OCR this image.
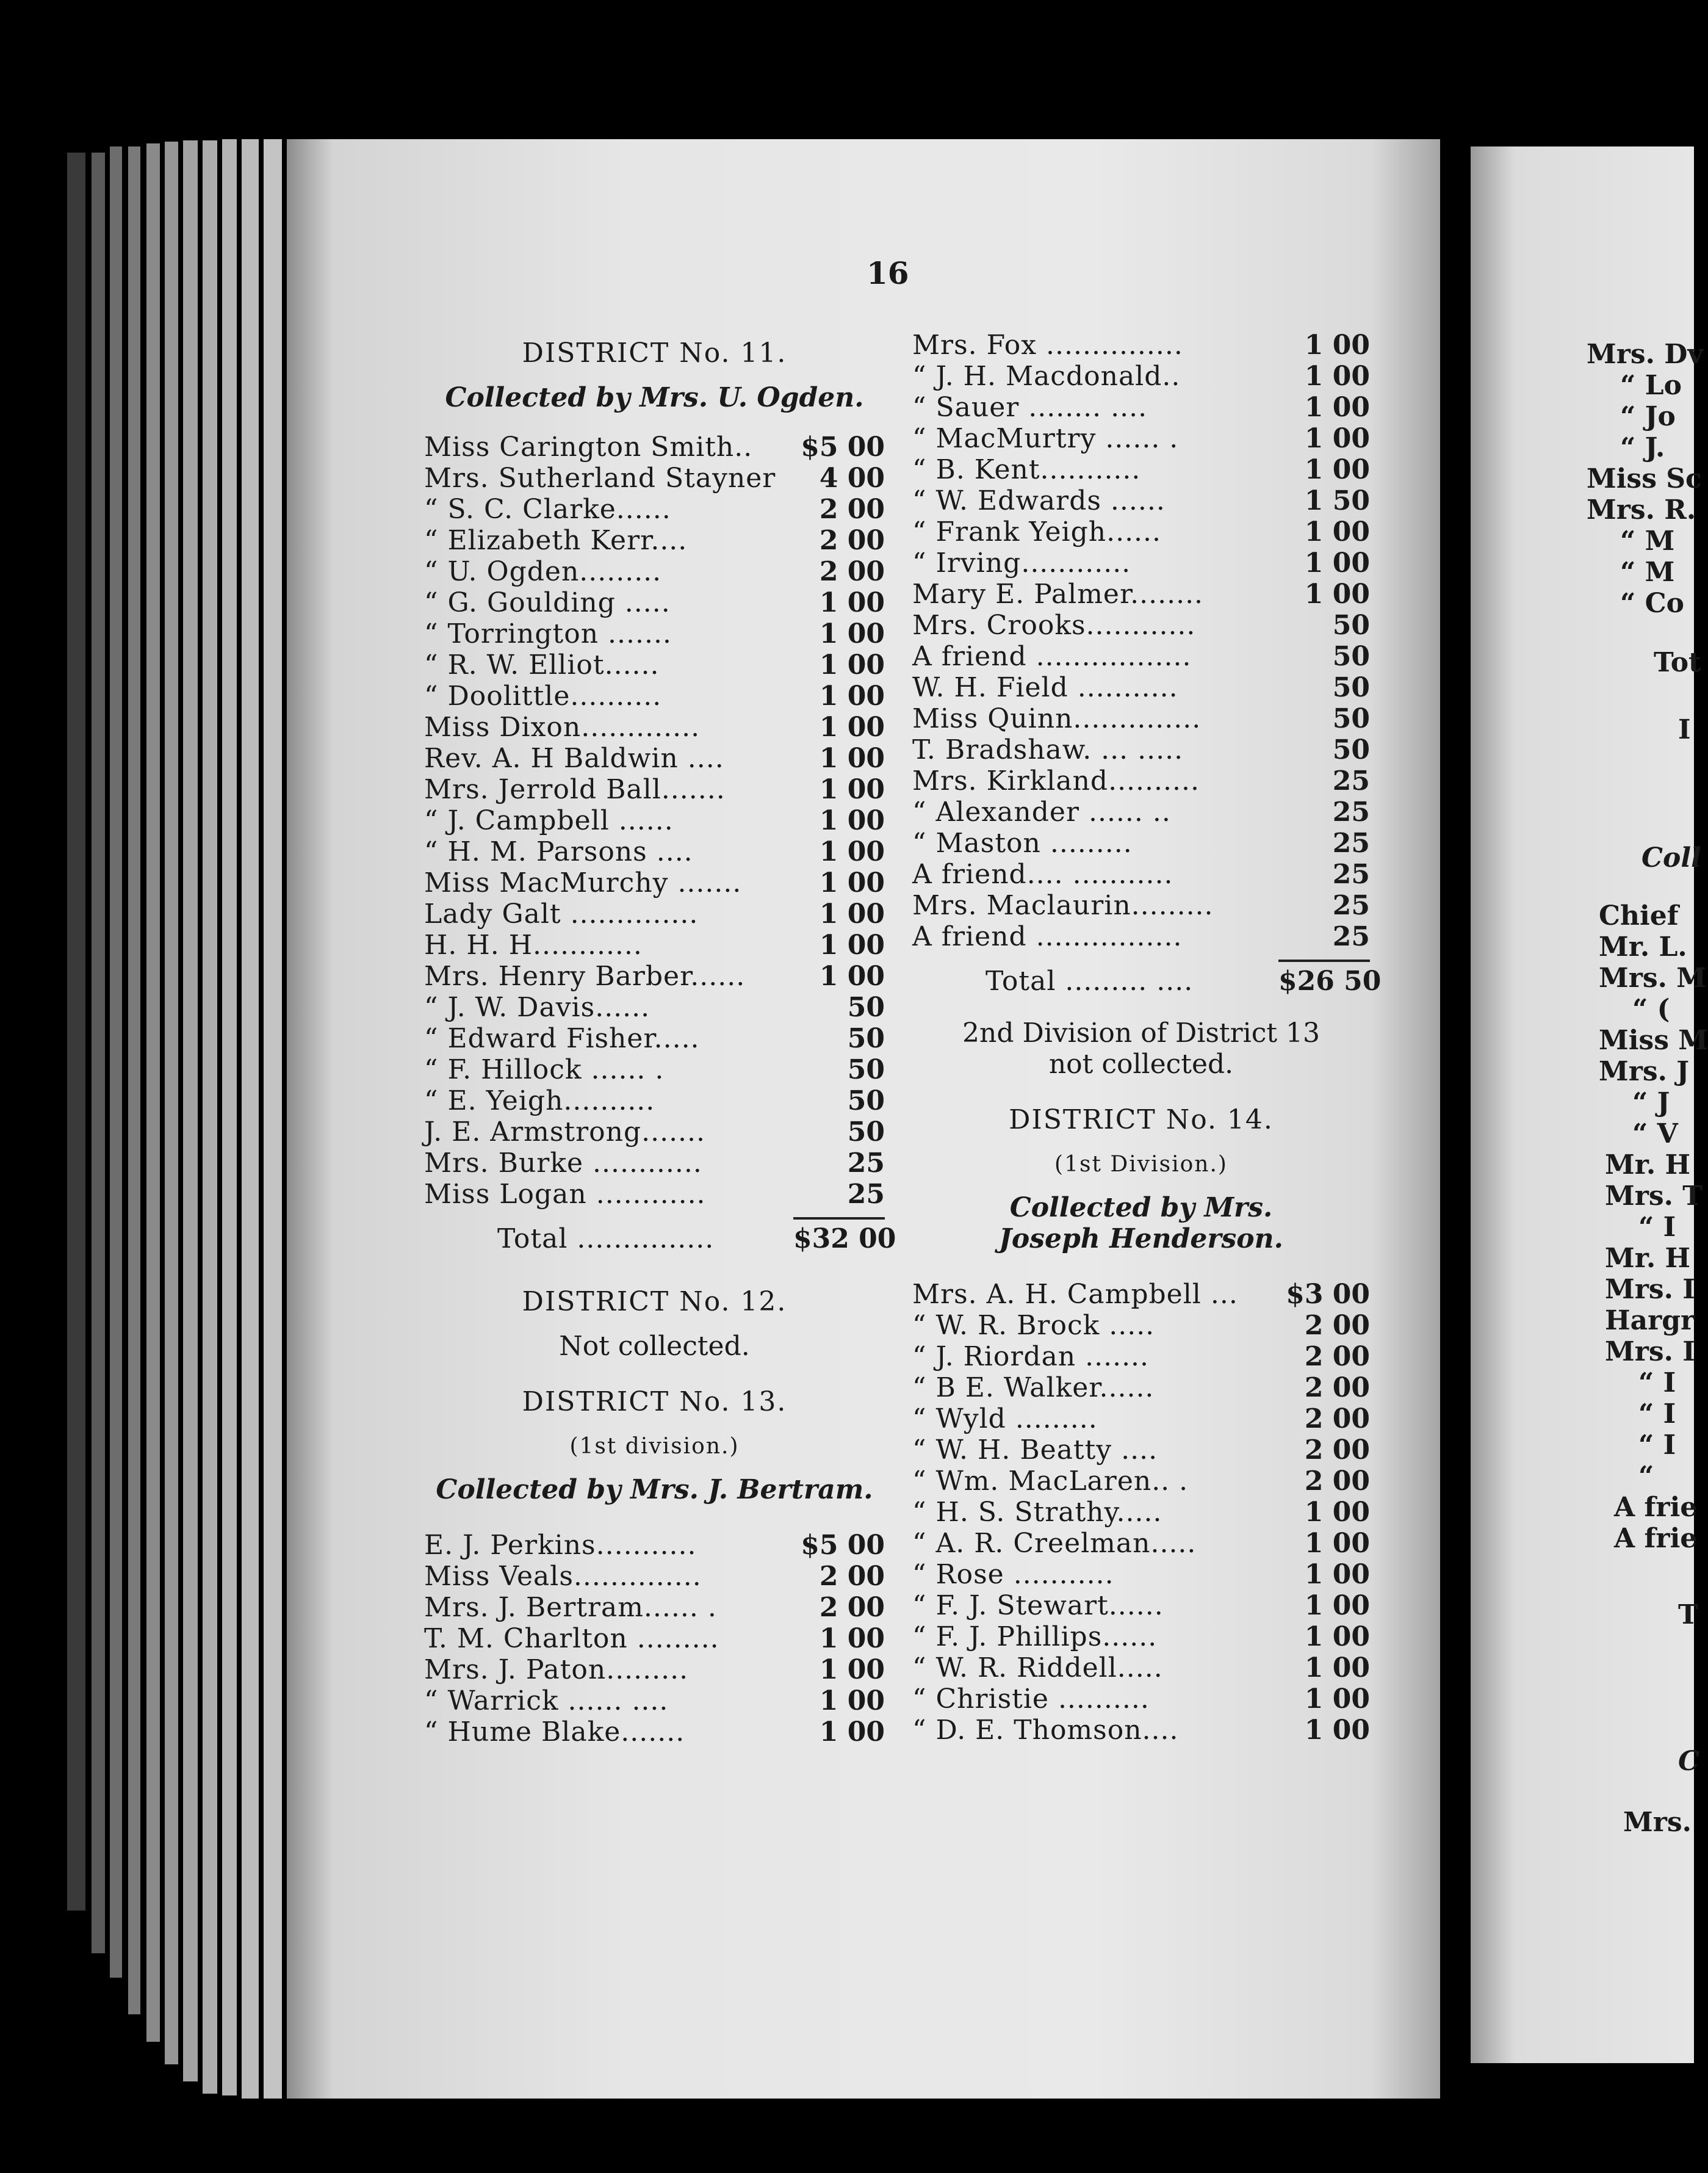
16
DISTRICT No. 11.
Collected by Mrs. U. Ogden.
Miss Carington Smith..	$5 00
Mrs. Sutherland Stayner	4 00
“ S. C. Clarke......	2 00
“ Elizabeth Kerr....	2 00
“ U. Ogden.........	2 00
“ G. Goulding .....	1 00
“ Torrington .......	1 00
“ R. W. Elliot......	1 00
“ Doolittle..........	1 00
Miss Dixon.............	1 00
Rev. A. H Baldwin ....	1 00
Mrs. Jerrold Ball.......	1 00
“ J. Campbell ......	1 00
“ H. M. Parsons ....	1 00
Miss MacMurchy .......	1 00
Lady Galt ..............	1 00
H. H. H............	1 00
Mrs. Henry Barber......	1 00
“ J. W. Davis......	50
“ Edward Fisher.....	50
“ F. Hillock ...... .	50
“ E. Yeigh..........	50
J. E. Armstrong.......	50
Mrs. Burke ............	25
Miss Logan ............	25
Total ...............	$32 00
DISTRICT No. 12.
Not collected.
DISTRICT No. 13.
(1st division.)
Collected by Mrs. J. Bertram.
E. J. Perkins...........	$5 00
Miss Veals..............	2 00
Mrs. J. Bertram...... .	2 00
T. M. Charlton .........	1 00
Mrs. J. Paton.........	1 00
“ Warrick ...... ....	1 00
“ Hume Blake.......	1 00
Mrs. Fox ...............	1 00
“ J. H. Macdonald..	1 00
“ Sauer ........ ....	1 00
“ MacMurtry ...... .	1 00
“ B. Kent...........	1 00
“ W. Edwards ......	1 50
“ Frank Yeigh......	1 00
“ Irving............	1 00
Mary E. Palmer........	1 00
Mrs. Crooks............	50
A friend .................	50
W. H. Field ...........	50
Miss Quinn..............	50
T. Bradshaw. ... .....	50
Mrs. Kirkland..........	25
“ Alexander ...... ..	25
“ Maston .........	25
A friend.... ...........	25
Mrs. Maclaurin.........	25
A friend ................	25
Total ......... ....	$26 50
2nd Division of District 13 not collected.
DISTRICT No. 14.
(1st Division.)
Collected by Mrs. Joseph Henderson.
Mrs. A. H. Campbell ...	$3 00
“ W. R. Brock .....	2 00
“ J. Riordan .......	2 00
“ B E. Walker......	2 00
“ Wyld .........	2 00
“ W. H. Beatty ....	2 00
“ Wm. MacLaren.. .	2 00
“ H. S. Strathy.....	1 00
“ A. R. Creelman.....	1 00
“ Rose ...........	1 00
“ F. J. Stewart......	1 00
“ F. J. Phillips......	1 00
“ W. R. Riddell.....	1 00
“ Christie ..........	1 00
“ D. E. Thomson....	1 00
Mrs. Dv
“ Lo
“ Jo
“ J.
Miss Sc
Mrs. R.
“ M
“ M
“ Co
Tot
I
Coll
Chief
Mr. L.
Mrs. M
“ (
Miss M
Mrs. J
“ J
“ V
Mr. H
Mrs. T
“ I
Mr. H
Mrs. I
Hargr
Mrs. I
“ I
“ I
“ I
“
A frie
A frie
T
C
Mrs.
